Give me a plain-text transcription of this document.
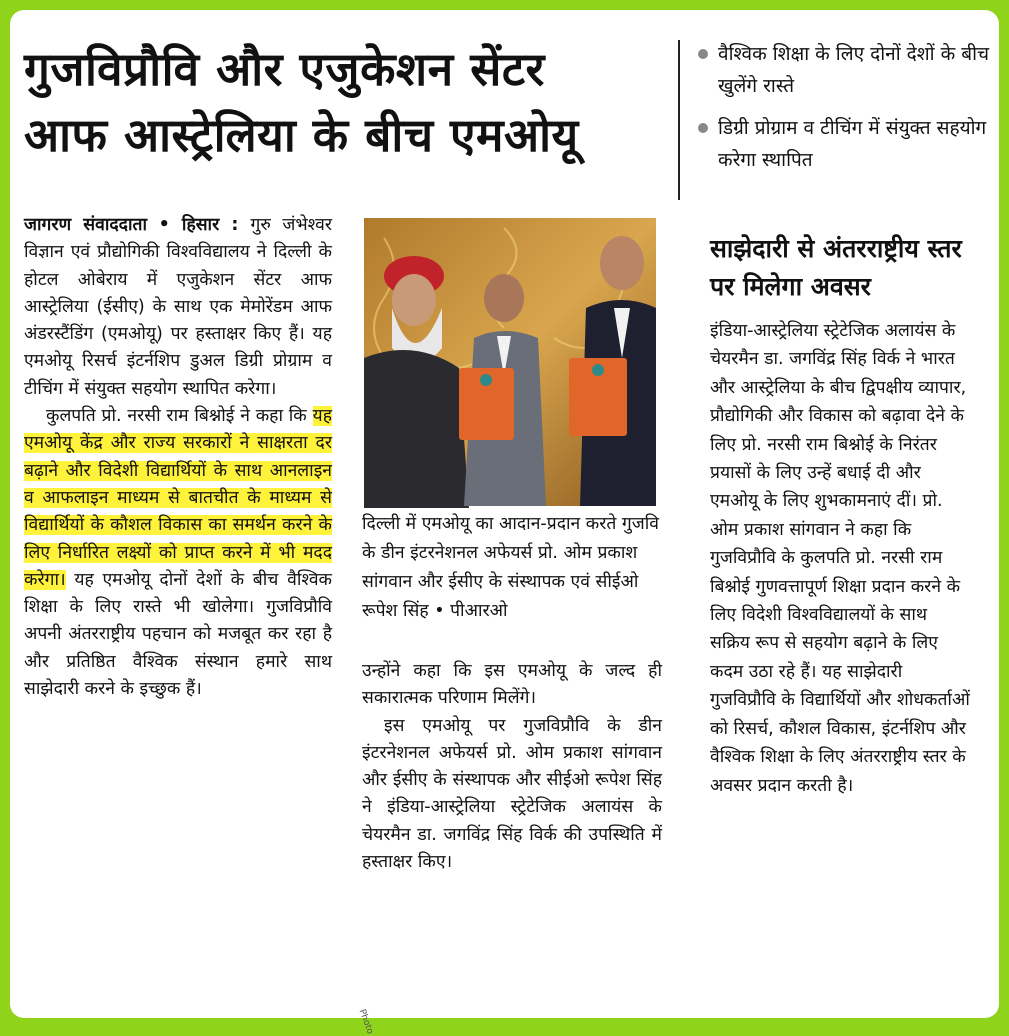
गुजविप्रौवि और एजुकेशन सेंटर
आफ आस्ट्रेलिया के बीच एमओयू
वैश्विक शिक्षा के लिए दोनों देशों के बीच खुलेंगे रास्ते
डिग्री प्रोग्राम व टीचिंग में संयुक्त सहयोग करेगा स्थापित

जागरण संवाददाता • हिसार : गुरु जंभेश्वर विज्ञान एवं प्रौद्योगिकी विश्वविद्यालय ने दिल्ली के होटल ओबेराय में एजुकेशन सेंटर आफ आस्ट्रेलिया (ईसीए) के साथ एक मेमोरेंडम आफ अंडरस्टैंडिंग (एमओयू) पर हस्ताक्षर किए हैं। यह एमओयू रिसर्च इंटर्नशिप डुअल डिग्री प्रोग्राम व टीचिंग में संयुक्त सहयोग स्थापित करेगा।

कुलपति प्रो. नरसी राम बिश्नोई ने कहा कि यह एमओयू केंद्र और राज्य सरकारों ने साक्षरता दर बढ़ाने और विदेशी विद्यार्थियों के साथ आनलाइन व आफलाइन माध्यम से बातचीत के माध्यम से विद्यार्थियों के कौशल विकास का समर्थन करने के लिए निर्धारित लक्ष्यों को प्राप्त करने में भी मदद करेगा। यह एमओयू दोनों देशों के बीच वैश्विक शिक्षा के लिए रास्ते भी खोलेगा। गुजविप्रौवि अपनी अंतरराष्ट्रीय पहचान को मजबूत कर रहा है और प्रतिष्ठित वैश्विक संस्थान हमारे साथ साझेदारी करने के इच्छुक हैं।

दिल्ली में एमओयू का आदान-प्रदान करते गुजवि के डीन इंटरनेशनल अफेयर्स प्रो. ओम प्रकाश सांगवान और ईसीए के संस्थापक एवं सीईओ रूपेश सिंह • पीआरओ

उन्होंने कहा कि इस एमओयू के जल्द ही सकारात्मक परिणाम मिलेंगे।

इस एमओयू पर गुजविप्रौवि के डीन इंटरनेशनल अफेयर्स प्रो. ओम प्रकाश सांगवान और ईसीए के संस्थापक और सीईओ रूपेश सिंह ने इंडिया-आस्ट्रेलिया स्ट्रेटेजिक अलायंस के चेयरमैन डा. जगविंद्र सिंह विर्क की उपस्थिति में हस्ताक्षर किए।

Photo
साझेदारी से अंतरराष्ट्रीय स्तर पर मिलेगा अवसर
इंडिया-आस्ट्रेलिया स्ट्रेटेजिक अलायंस के चेयरमैन डा. जगविंद्र सिंह विर्क ने भारत और आस्ट्रेलिया के बीच द्विपक्षीय व्यापार, प्रौद्योगिकी और विकास को बढ़ावा देने के लिए प्रो. नरसी राम बिश्नोई के निरंतर प्रयासों के लिए उन्हें बधाई दी और एमओयू के लिए शुभकामनाएं दीं। प्रो. ओम प्रकाश सांगवान ने कहा कि गुजविप्रौवि के कुलपति प्रो. नरसी राम बिश्नोई गुणवत्तापूर्ण शिक्षा प्रदान करने के लिए विदेशी विश्वविद्यालयों के साथ सक्रिय रूप से सहयोग बढ़ाने के लिए कदम उठा रहे हैं। यह साझेदारी गुजविप्रौवि के विद्यार्थियों और शोधकर्ताओं को रिसर्च, कौशल विकास, इंटर्नशिप और वैश्विक शिक्षा के लिए अंतरराष्ट्रीय स्तर के अवसर प्रदान करती है।
